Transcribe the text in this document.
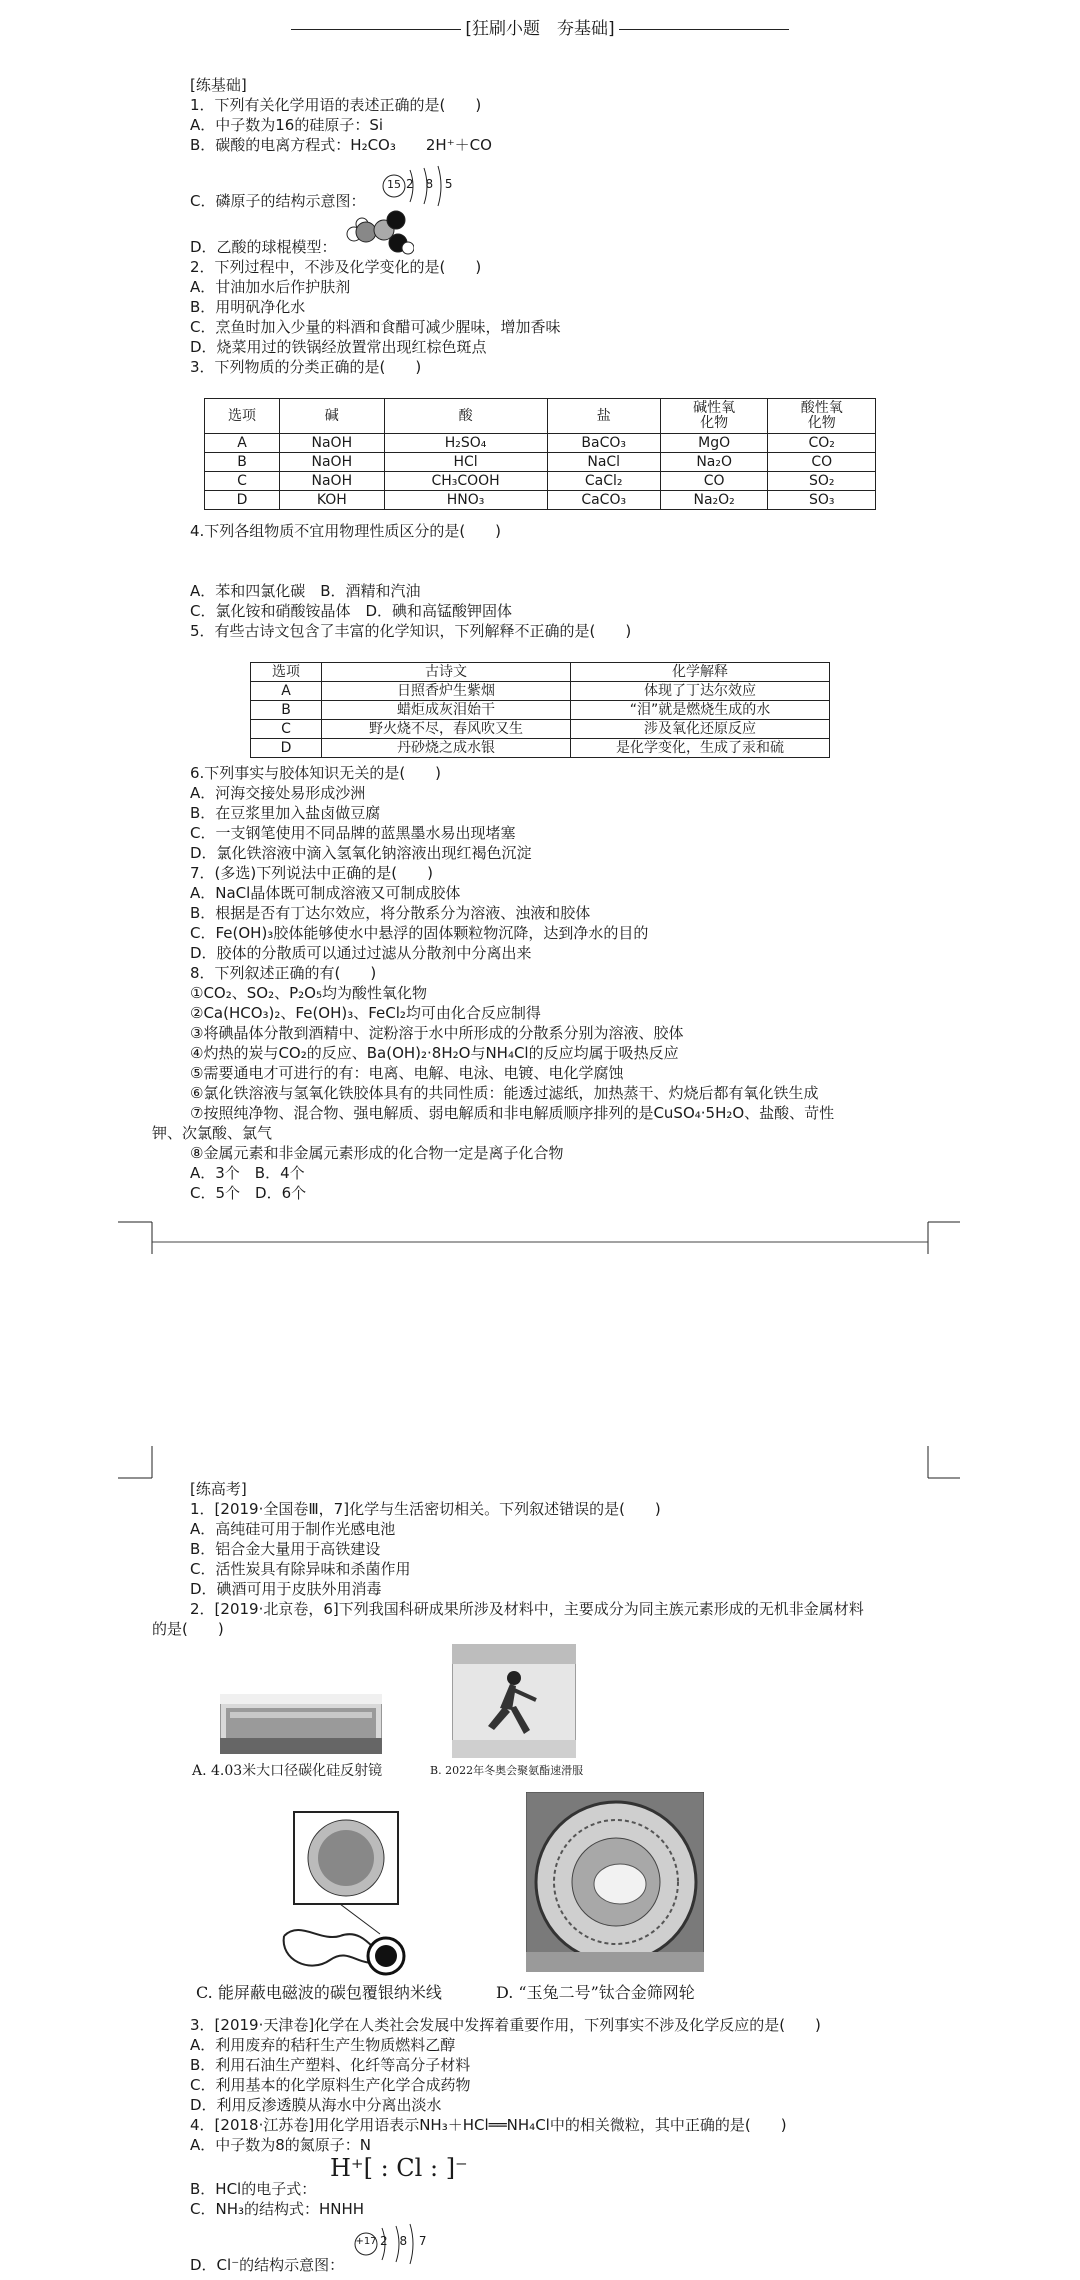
[狂刷小题　夯基础]
[练基础]
1．下列有关化学用语的表述正确的是(　　)
A．中子数为16的硅原子：Si
B．碳酸的电离方程式：H₂CO₃　　2H⁺＋CO
C．磷原子的结构示意图：
15 2 8 5
D．乙酸的球棍模型：
2．下列过程中，不涉及化学变化的是(　　)
A．甘油加水后作护肤剂
B．用明矾净化水
C．烹鱼时加入少量的料酒和食醋可减少腥味，增加香味
D．烧菜用过的铁锅经放置常出现红棕色斑点
3．下列物质的分类正确的是(　　)
选项	碱	酸	盐	碱性氧
化物	酸性氧
化物
A	NaOH	H₂SO₄	BaCO₃	MgO	CO₂
B	NaOH	HCl	NaCl	Na₂O	CO
C	NaOH	CH₃COOH	CaCl₂	CO	SO₂
D	KOH	HNO₃	CaCO₃	Na₂O₂	SO₃
4.下列各组物质不宜用物理性质区分的是(　　)
A．苯和四氯化碳　B．酒精和汽油
C．氯化铵和硝酸铵晶体　D．碘和高锰酸钾固体
5．有些古诗文包含了丰富的化学知识，下列解释不正确的是(　　)
选项	古诗文	化学解释
A	日照香炉生紫烟	体现了丁达尔效应
B	蜡炬成灰泪始干	“泪”就是燃烧生成的水
C	野火烧不尽，春风吹又生	涉及氧化还原反应
D	丹砂烧之成水银	是化学变化，生成了汞和硫
6.下列事实与胶体知识无关的是(　　)
A．河海交接处易形成沙洲
B．在豆浆里加入盐卤做豆腐
C．一支钢笔使用不同品牌的蓝黑墨水易出现堵塞
D．氯化铁溶液中滴入氢氧化钠溶液出现红褐色沉淀
7．(多选)下列说法中正确的是(　　)
A．NaCl晶体既可制成溶液又可制成胶体
B．根据是否有丁达尔效应，将分散系分为溶液、浊液和胶体
C．Fe(OH)₃胶体能够使水中悬浮的固体颗粒物沉降，达到净水的目的
D．胶体的分散质可以通过过滤从分散剂中分离出来
8．下列叙述正确的有(　　)
①CO₂、SO₂、P₂O₅均为酸性氧化物
②Ca(HCO₃)₂、Fe(OH)₃、FeCl₂均可由化合反应制得
③将碘晶体分散到酒精中、淀粉溶于水中所形成的分散系分别为溶液、胶体
④灼热的炭与CO₂的反应、Ba(OH)₂·8H₂O与NH₄Cl的反应均属于吸热反应
⑤需要通电才可进行的有：电离、电解、电泳、电镀、电化学腐蚀
⑥氯化铁溶液与氢氧化铁胶体具有的共同性质：能透过滤纸，加热蒸干、灼烧后都有氧化铁生成
⑦按照纯净物、混合物、强电解质、弱电解质和非电解质顺序排列的是CuSO₄·5H₂O、盐酸、苛性
钾、次氯酸、氯气
⑧金属元素和非金属元素形成的化合物一定是离子化合物
A．3个　B．4个
C．5个　D．6个
[练高考]
1．[2019·全国卷Ⅲ，7]化学与生活密切相关。下列叙述错误的是(　　)
A．高纯硅可用于制作光感电池
B．铝合金大量用于高铁建设
C．活性炭具有除异味和杀菌作用
D．碘酒可用于皮肤外用消毒
2．[2019·北京卷，6]下列我国科研成果所涉及材料中，主要成分为同主族元素形成的无机非金属材料
的是(　　)
A. 4.03米大口径碳化硅反射镜	B. 2022年冬奥会聚氨酯速滑服
C. 能屏蔽电磁波的碳包覆银纳米线	D. “玉兔二号”钛合金筛网轮
3．[2019·天津卷]化学在人类社会发展中发挥着重要作用，下列事实不涉及化学反应的是(　　)
A．利用废弃的秸秆生产生物质燃料乙醇
B．利用石油生产塑料、化纤等高分子材料
C．利用基本的化学原料生产化学合成药物
D．利用反渗透膜从海水中分离出淡水
4．[2018·江苏卷]用化学用语表示NH₃＋HCl══NH₄Cl中的相关微粒，其中正确的是(　　)
A．中子数为8的氮原子：N
B．HCl的电子式：
H⁺[ : Cl : ]⁻
C．NH₃的结构式：HNHH
D．Cl⁻的结构示意图：
+17 2 8 7
